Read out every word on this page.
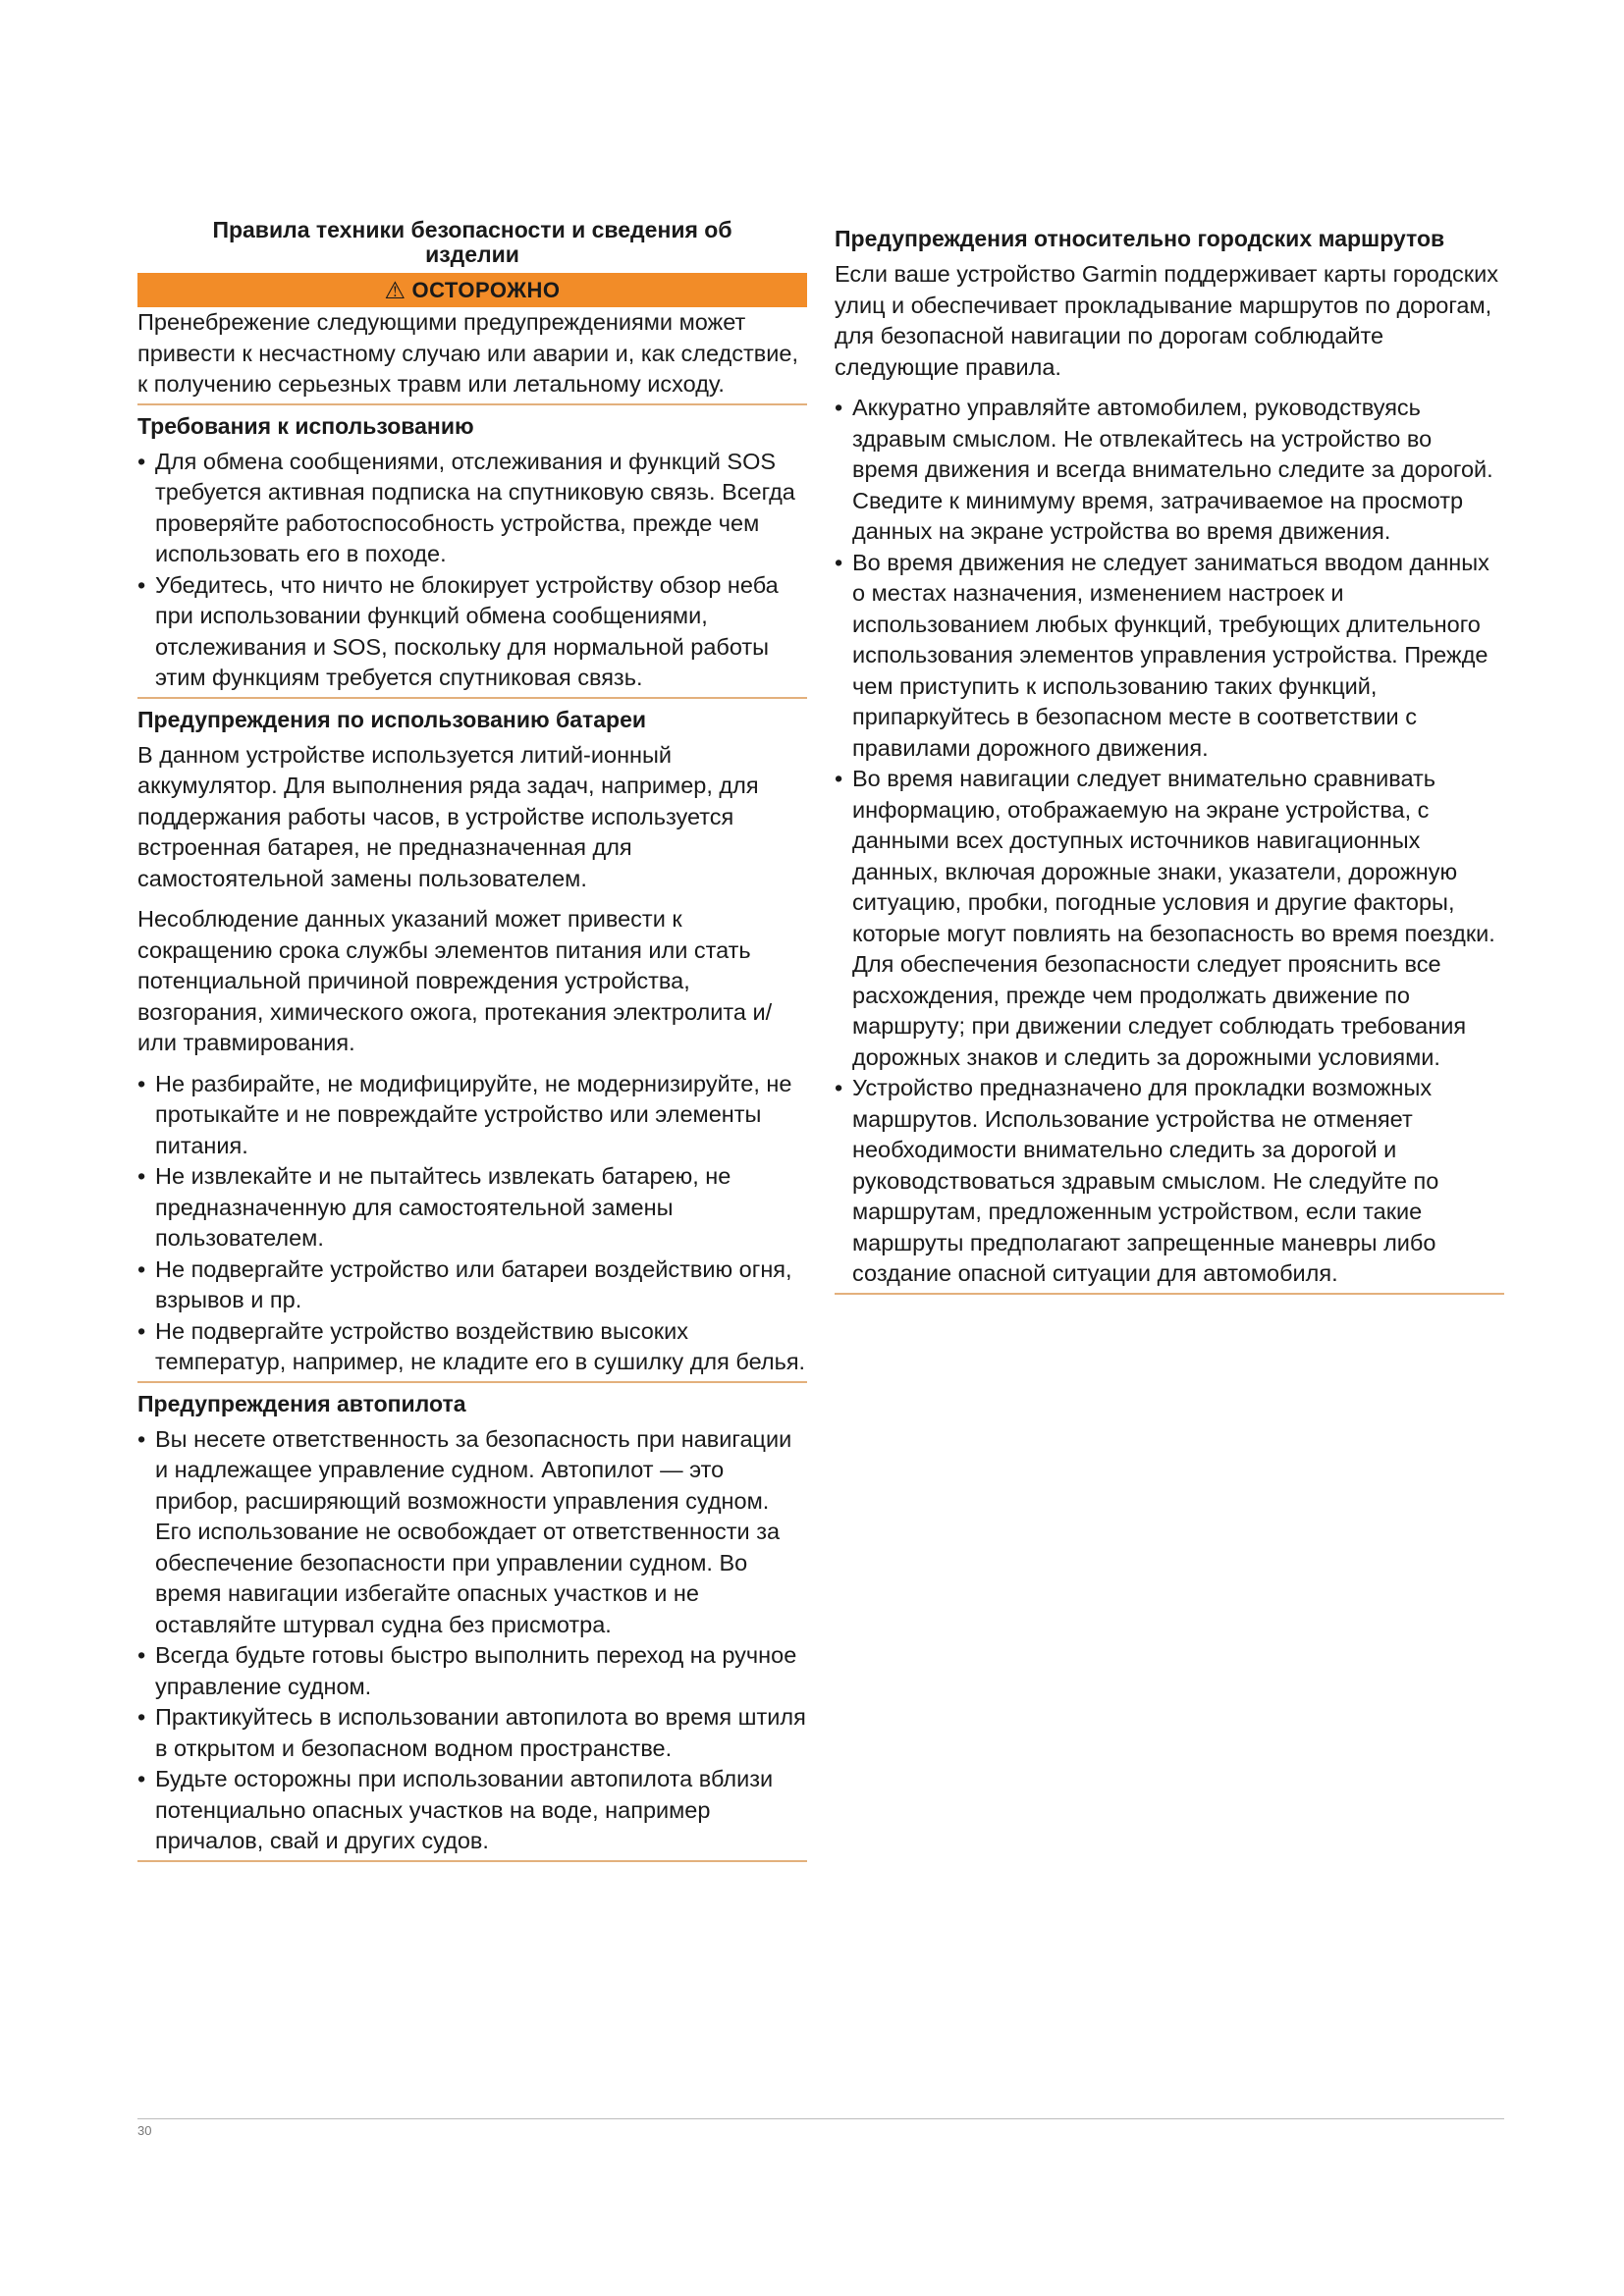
Правила техники безопасности и сведения об изделии
⚠ ОСТОРОЖНО

Пренебрежение следующими предупреждениями может привести к несчастному случаю или аварии и, как следствие, к получению серьезных травм или летальному исходу.

Требования к использованию
• Для обмена сообщениями, отслеживания и функций SOS требуется активная подписка на спутниковую связь. Всегда проверяйте работоспособность устройства, прежде чем использовать его в походе.
• Убедитесь, что ничто не блокирует устройству обзор неба при использовании функций обмена сообщениями, отслеживания и SOS, поскольку для нормальной работы этим функциям требуется спутниковая связь.
Предупреждения по использованию батареи

В данном устройстве используется литий-ионный аккумулятор. Для выполнения ряда задач, например, для поддержания работы часов, в устройстве используется встроенная батарея, не предназначенная для самостоятельной замены пользователем.

Несоблюдение данных указаний может привести к сокращению срока службы элементов питания или стать потенциальной причиной повреждения устройства, возгорания, химического ожога, протекания электролита и/или травмирования.

• Не разбирайте, не модифицируйте, не модернизируйте, не протыкайте и не повреждайте устройство или элементы питания.
• Не извлекайте и не пытайтесь извлекать батарею, не предназначенную для самостоятельной замены пользователем.
• Не подвергайте устройство или батареи воздействию огня, взрывов и пр.
• Не подвергайте устройство воздействию высоких температур, например, не кладите его в сушилку для белья.
Предупреждения автопилота
• Вы несете ответственность за безопасность при навигации и надлежащее управление судном. Автопилот — это прибор, расширяющий возможности управления судном. Его использование не освобождает от ответственности за обеспечение безопасности при управлении судном. Во время навигации избегайте опасных участков и не оставляйте штурвал судна без присмотра.
• Всегда будьте готовы быстро выполнить переход на ручное управление судном.
• Практикуйтесь в использовании автопилота во время штиля в открытом и безопасном водном пространстве.
• Будьте осторожны при использовании автопилота вблизи потенциально опасных участков на воде, например причалов, свай и других судов.
Предупреждения относительно городских маршрутов

Если ваше устройство Garmin поддерживает карты городских улиц и обеспечивает прокладывание маршрутов по дорогам, для безопасной навигации по дорогам соблюдайте следующие правила.

• Аккуратно управляйте автомобилем, руководствуясь здравым смыслом. Не отвлекайтесь на устройство во время движения и всегда внимательно следите за дорогой. Сведите к минимуму время, затрачиваемое на просмотр данных на экране устройства во время движения.
• Во время движения не следует заниматься вводом данных о местах назначения, изменением настроек и использованием любых функций, требующих длительного использования элементов управления устройства. Прежде чем приступить к использованию таких функций, припаркуйтесь в безопасном месте в соответствии с правилами дорожного движения.
• Во время навигации следует внимательно сравнивать информацию, отображаемую на экране устройства, с данными всех доступных источников навигационных данных, включая дорожные знаки, указатели, дорожную ситуацию, пробки, погодные условия и другие факторы, которые могут повлиять на безопасность во время поездки. Для обеспечения безопасности следует прояснить все расхождения, прежде чем продолжать движение по маршруту; при движении следует соблюдать требования дорожных знаков и следить за дорожными условиями.
• Устройство предназначено для прокладки возможных маршрутов. Использование устройства не отменяет необходимости внимательно следить за дорогой и руководствоваться здравым смыслом. Не следуйте по маршрутам, предложенным устройством, если такие маршруты предполагают запрещенные маневры либо создание опасной ситуации для автомобиля.
30
